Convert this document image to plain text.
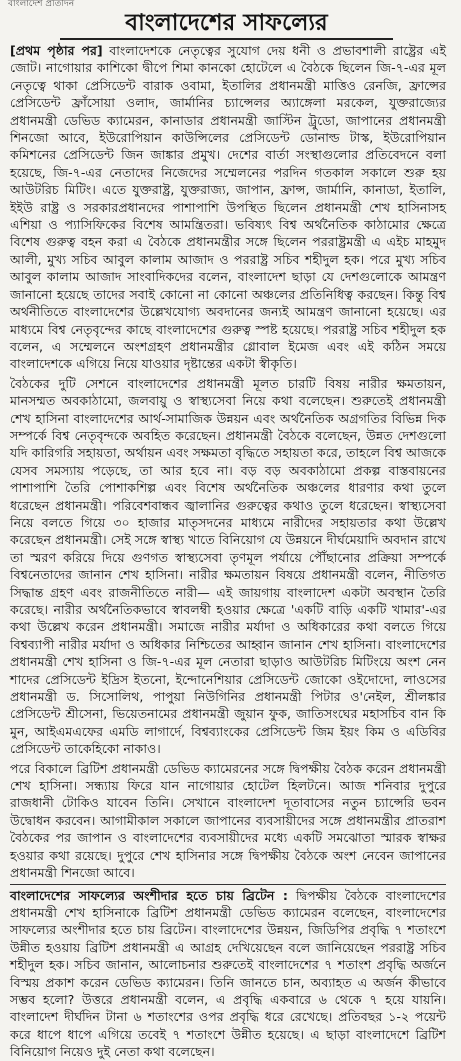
বাংলাদেশ প্রতিদিন
বাংলাদেশের সাফল্যের

[প্রথম পৃষ্ঠার পর] বাংলাদেশকে নেতৃত্বের সুযোগ দেয় ধনী ও প্রভাবশালী রাষ্ট্রের এই জোট। নাগোয়ার কাশিকো দ্বীপে শিমা কানকো হোটেলে এ বৈঠকে ছিলেন জি-৭-এর মূল নেতৃত্বে থাকা প্রেসিডেন্ট বারাক ওবামা, ইতালির প্রধানমন্ত্রী মাত্তিও রেনজি, ফ্রান্সের প্রেসিডেন্ট ফ্রাঁসোয়া ওলাদ, জার্মানির চ্যান্সেলর অ্যাঙ্গেলা মরকেল, যুক্তরাজ্যের প্রধানমন্ত্রী ডেভিড ক্যামেরন, কানাডার প্রধানমন্ত্রী জাস্টিন ট্রুডো, জাপানের প্রধানমন্ত্রী শিনজো আবে, ইউরোপিয়ান কাউন্সিলের প্রেসিডেন্ট ডোনাল্ড টাস্ক, ইউরোপিয়ান কমিশনের প্রেসিডেন্ট জিন জাঙ্কার প্রমুখ। দেশের বার্তা সংস্থাগুলোর প্রতিবেদনে বলা হয়েছে, জি-৭-এর নেতাদের নিজেদের সম্মেলনের পরদিন গতকাল সকালে শুরু হয় আউটরিচ মিটিং। এতে যুক্তরাষ্ট্র, যুক্তরাজ্য, জাপান, ফ্রান্স, জার্মানি, কানাডা, ইতালি, ইইউ রাষ্ট্র ও সরকারপ্রধানদের পাশাপাশি উপস্থিত ছিলেন প্রধানমন্ত্রী শেখ হাসিনাসহ এশিয়া ও প্যাসিফিকের বিশেষ আমন্ত্রিতরা। ভবিষ্যৎ বিশ্ব অর্থনৈতিক কাঠামোর ক্ষেত্রে বিশেষ গুরুত্ব বহন করা এ বৈঠকে প্রধানমন্ত্রীর সঙ্গে ছিলেন পররাষ্ট্রমন্ত্রী এ এইচ মাহমুদ আলী, মুখ্য সচিব আবুল কালাম আজাদ ও পররাষ্ট্র সচিব শহীদুল হক। পরে মুখ্য সচিব আবুল কালাম আজাদ সাংবাদিকদের বলেন, বাংলাদেশ ছাড়া যে দেশগুলোকে আমন্ত্রণ জানানো হয়েছে তাদের সবাই কোনো না কোনো অঞ্চলের প্রতিনিধিত্ব করছেন। কিন্তু বিশ্ব অর্থনীতিতে বাংলাদেশের উল্লেখযোগ্য অবদানের জন্যই আমন্ত্রণ জানানো হয়েছে। এর মাধ্যমে বিশ্ব নেতৃবৃন্দের কাছে বাংলাদেশের গুরুত্ব স্পষ্ট হয়েছে। পররাষ্ট্র সচিব শহীদুল হক বলেন, এ সম্মেলনে অংশগ্রহণ প্রধানমন্ত্রীর গ্লোবাল ইমেজ এবং এই কঠিন সময়ে বাংলাদেশকে এগিয়ে নিয়ে যাওয়ার দৃষ্টান্তের একটা স্বীকৃতি।

বৈঠকের দুটি সেশনে বাংলাদেশের প্রধানমন্ত্রী মূলত চারটি বিষয় নারীর ক্ষমতায়ন, মানসম্মত অবকাঠামো, জলবায়ু ও স্বাস্থ্যসেবা নিয়ে কথা বলেছেন। শুরুতেই প্রধানমন্ত্রী শেখ হাসিনা বাংলাদেশের আর্থ-সামাজিক উন্নয়ন এবং অর্থনৈতিক অগ্রগতির বিভিন্ন দিক সম্পর্কে বিশ্ব নেতৃবৃন্দকে অবহিত করেছেন। প্রধানমন্ত্রী বৈঠকে বলেছেন, উন্নত দেশগুলো যদি কারিগরি সহায়তা, অর্থায়ন এবং সক্ষমতা বৃদ্ধিতে সহায়তা করে, তাহলে বিশ্ব আজকে যেসব সমস্যায় পড়েছে, তা আর হবে না। বড় বড় অবকাঠামো প্রকল্প বাস্তবায়নের পাশাপাশি তৈরি পোশাকশিল্প এবং বিশেষ অর্থনৈতিক অঞ্চলের ধারণার কথা তুলে ধরেছেন প্রধানমন্ত্রী। পরিবেশবান্ধব জ্বালানির গুরুত্বের কথাও তুলে ধরেছেন। স্বাস্থ্যসেবা নিয়ে বলতে গিয়ে ৩০ হাজার মাতৃসদনের মাধ্যমে নারীদের সহায়তার কথা উল্লেখ করেছেন প্রধানমন্ত্রী। সেই সঙ্গে স্বাস্থ্য খাতে বিনিয়োগ যে উন্নয়নে দীর্ঘমেয়াদি অবদান রাখে তা স্মরণ করিয়ে দিয়ে গুণগত স্বাস্থ্যসেবা তৃণমূল পর্যায়ে পৌঁছানোর প্রক্রিয়া সম্পর্কে বিশ্বনেতাদের জানান শেখ হাসিনা। নারীর ক্ষমতায়ন বিষয়ে প্রধানমন্ত্রী বলেন, নীতিগত সিদ্ধান্ত গ্রহণ এবং রাজনীতিতে নারী— এই জায়গায় বাংলাদেশ একটা অবস্থান তৈরি করেছে। নারীর অর্থনৈতিকভাবে স্বাবলম্বী হওয়ার ক্ষেত্রে 'একটি বাড়ি একটি খামার'-এর কথা উল্লেখ করেন প্রধানমন্ত্রী। সমাজে নারীর মর্যাদা ও অধিকারের কথা বলতে গিয়ে বিশ্বব্যাপী নারীর মর্যাদা ও অধিকার নিশ্চিতের আহ্বান জানান শেখ হাসিনা। বাংলাদেশের প্রধানমন্ত্রী শেখ হাসিনা ও জি-৭-এর মূল নেতারা ছাড়াও আউটরিচ মিটিংয়ে অংশ নেন শাদের প্রেসিডেন্ট ইদ্রিস ইতনো, ইন্দোনেশিয়ার প্রেসিডেন্ট জোকো ওইদোদো, লাওসের প্রধানমন্ত্রী ড. সিসোলিথ, পাপুয়া নিউগিনির প্রধানমন্ত্রী পিটার ও'নেইল, শ্রীলঙ্কার প্রেসিডেন্ট শ্রীসেনা, ভিয়েতনামের প্রধানমন্ত্রী জুয়ান ফুক, জাতিসংঘের মহাসচিব বান কি মুন, আইএমএফের এমডি লাগার্দে, বিশ্বব্যাংকের প্রেসিডেন্ট জিম ইয়ং কিম ও এডিবির প্রেসিডেন্ট তাকেহিকো নাকাও।

পরে বিকালে ব্রিটিশ প্রধানমন্ত্রী ডেভিড ক্যামেরনের সঙ্গে দ্বিপক্ষীয় বৈঠক করেন প্রধানমন্ত্রী শেখ হাসিনা। সন্ধ্যায় ফিরে যান নাগোয়ার হোটেল হিলটনে। আজ শনিবার দুপুরে রাজধানী টোকিও যাবেন তিনি। সেখানে বাংলাদেশ দূতাবাসের নতুন চ্যান্সেরি ভবন উদ্বোধন করবেন। আগামীকাল সকালে জাপানের ব্যবসায়ীদের সঙ্গে প্রধানমন্ত্রীর প্রাতরাশ বৈঠকের পর জাপান ও বাংলাদেশের ব্যবসায়ীদের মধ্যে একটি সমঝোতা স্মারক স্বাক্ষর হওয়ার কথা রয়েছে। দুপুরে শেখ হাসিনার সঙ্গে দ্বিপক্ষীয় বৈঠকে অংশ নেবেন জাপানের প্রধানমন্ত্রী শিনজো আবে।

বাংলাদেশের সাফল্যের অংশীদার হতে চায় ব্রিটেন : দ্বিপক্ষীয় বৈঠকে বাংলাদেশের প্রধানমন্ত্রী শেখ হাসিনাকে ব্রিটিশ প্রধানমন্ত্রী ডেভিড ক্যামেরন বলেছেন, বাংলাদেশের সাফল্যের অংশীদার হতে চায় ব্রিটেন। বাংলাদেশের উন্নয়ন, জিডিপির প্রবৃদ্ধি ৭ শতাংশে উন্নীত হওয়ায় ব্রিটিশ প্রধানমন্ত্রী এ আগ্রহ দেখিয়েছেন বলে জানিয়েছেন পররাষ্ট্র সচিব শহীদুল হক। সচিব জানান, আলোচনার শুরুতেই বাংলাদেশের ৭ শতাংশ প্রবৃদ্ধি অর্জনে বিস্ময় প্রকাশ করেন ডেভিড ক্যামেরন। তিনি জানতে চান, অব্যাহত এ অর্জন কীভাবে সম্ভব হলো? উত্তরে প্রধানমন্ত্রী বলেন, এ প্রবৃদ্ধি একবারে ৬ থেকে ৭ হয়ে যায়নি। বাংলাদেশ দীর্ঘদিন টানা ৬ শতাংশের ওপর প্রবৃদ্ধি ধরে রেখেছে। প্রতিবছর ১-২ পয়েন্ট করে ধাপে ধাপে এগিয়ে তবেই ৭ শতাংশে উন্নীত হয়েছে। এ ছাড়া বাংলাদেশে ব্রিটিশ বিনিয়োগ নিয়েও দুই নেতা কথা বলেছেন।
